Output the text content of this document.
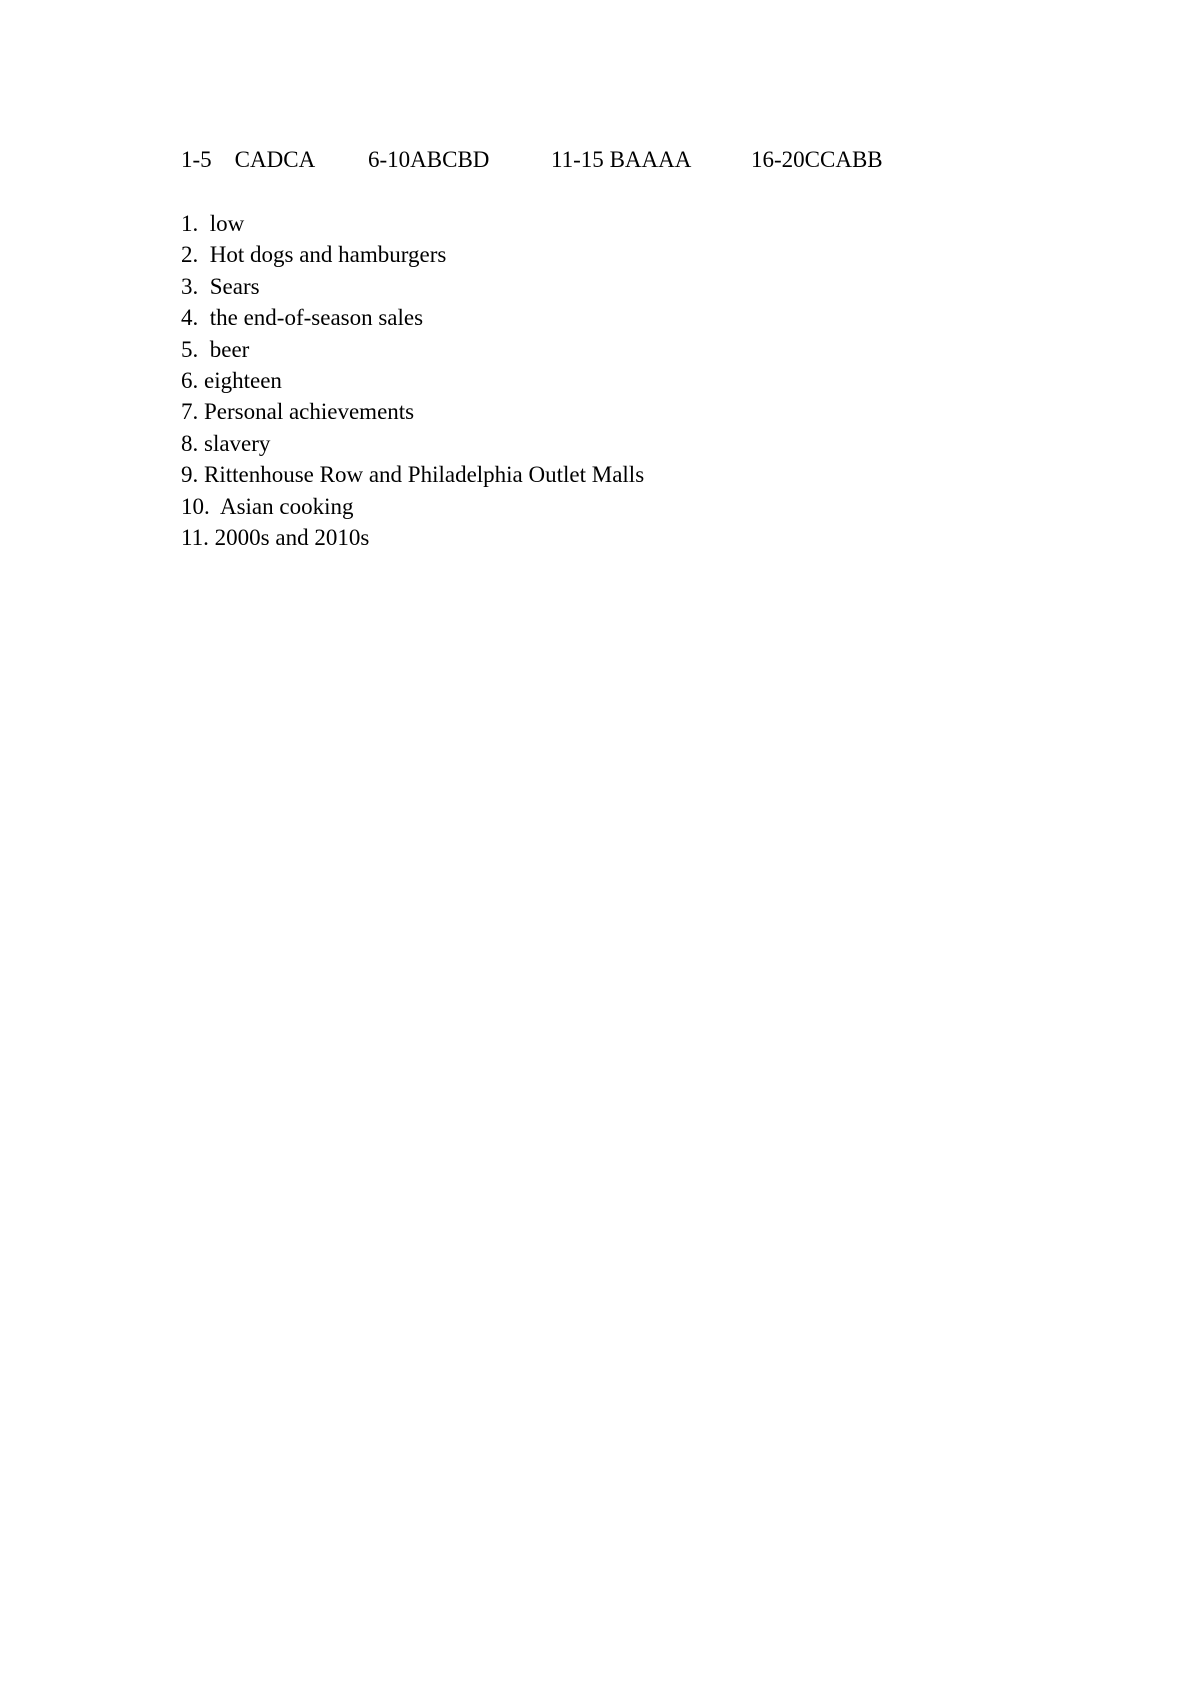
1-5 CADCA

6-10ABCBD

	11-15 BAAAA

	16-20CCABB

1. low
2. Hot dogs and hamburgers
3. Sears
4. the end-of-season sales
5. beer
6. eighteen
7. Personal achievements
8. slavery
9. Rittenhouse Row and Philadelphia Outlet Malls
10. Asian cooking
11. 2000s and 2010s
